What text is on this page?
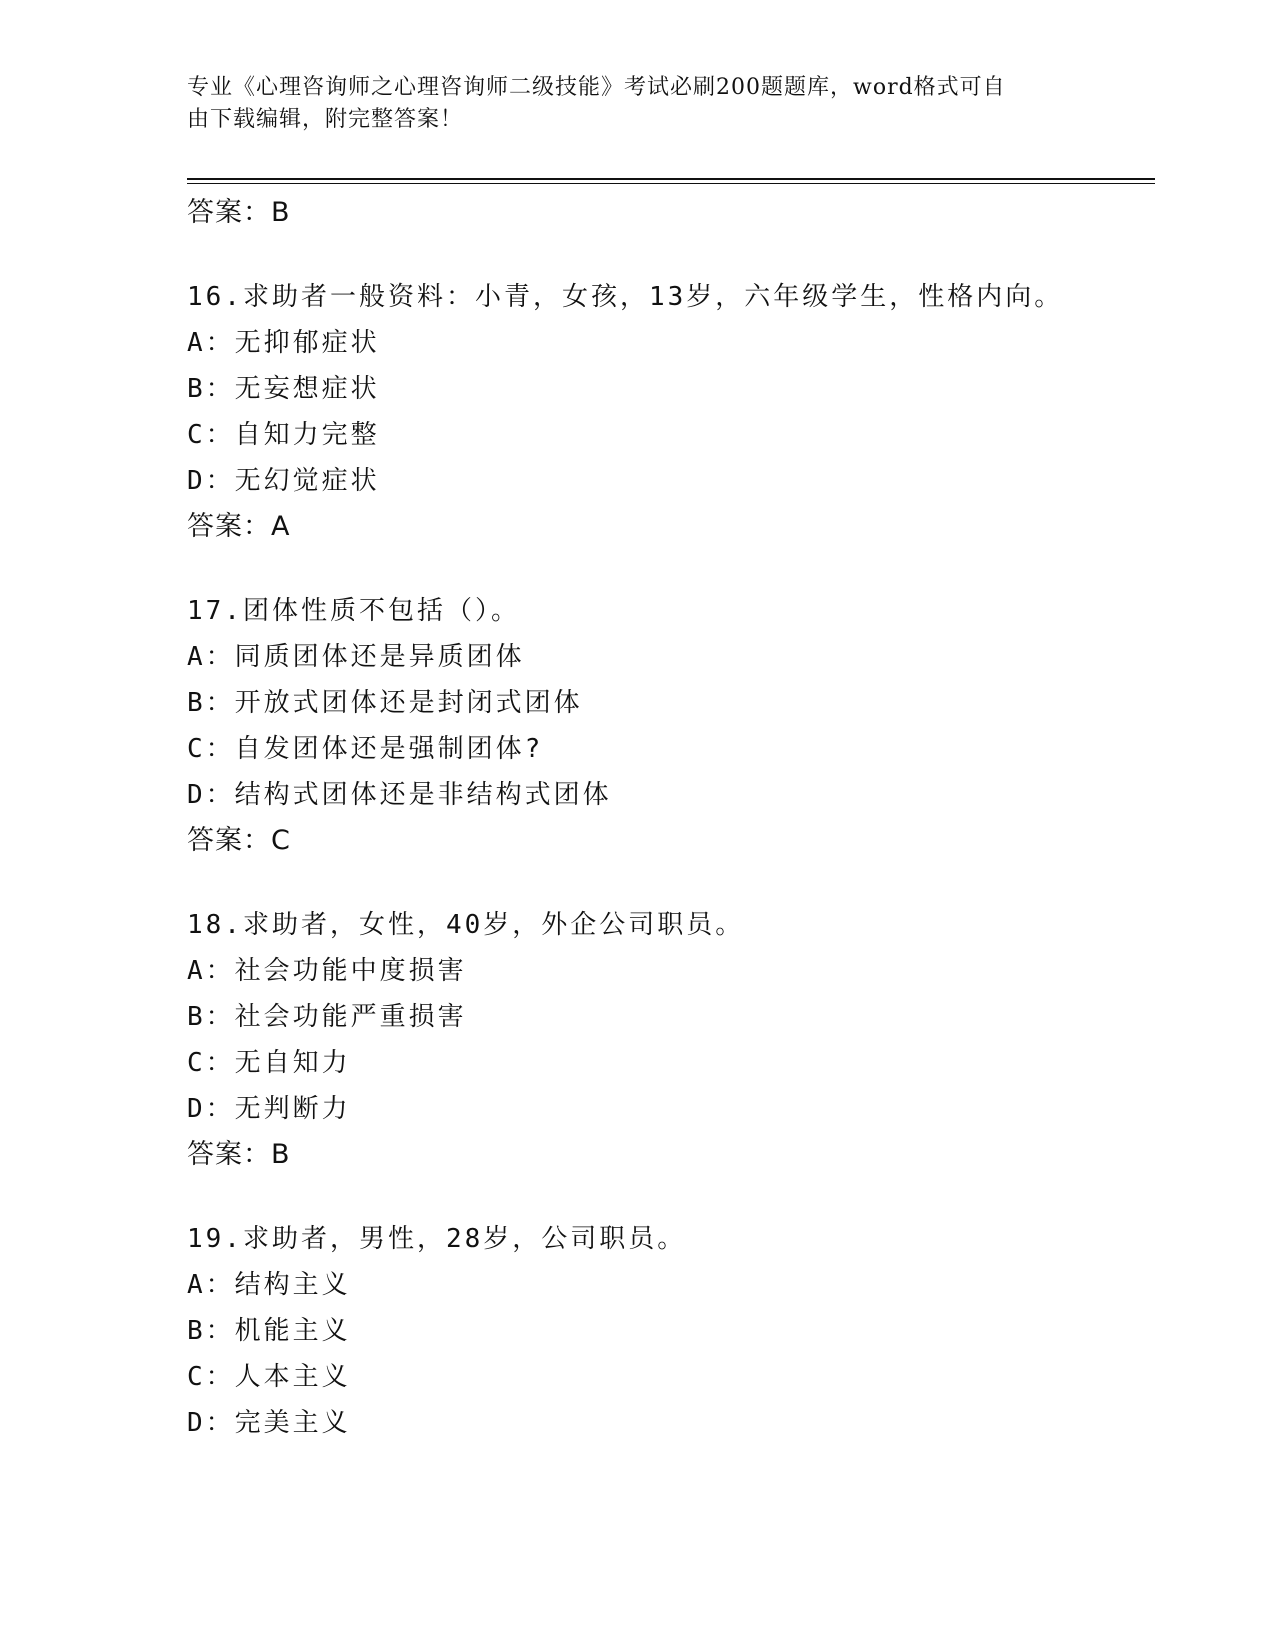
专业《心理咨询师之心理咨询师二级技能》考试必刷200题题库，word格式可自
由下载编辑，附完整答案！
答案：B
16.求助者一般资料：小青，女孩，13岁，六年级学生，性格内向。
A：无抑郁症状
B：无妄想症状
C：自知力完整
D：无幻觉症状
答案：A
17.团体性质不包括（）。
A：同质团体还是异质团体
B：开放式团体还是封闭式团体
C：自发团体还是强制团体?
D：结构式团体还是非结构式团体
答案：C
18.求助者，女性，40岁，外企公司职员。
A：社会功能中度损害
B：社会功能严重损害
C：无自知力
D：无判断力
答案：B
19.求助者，男性，28岁，公司职员。
A：结构主义
B：机能主义
C：人本主义
D：完美主义
